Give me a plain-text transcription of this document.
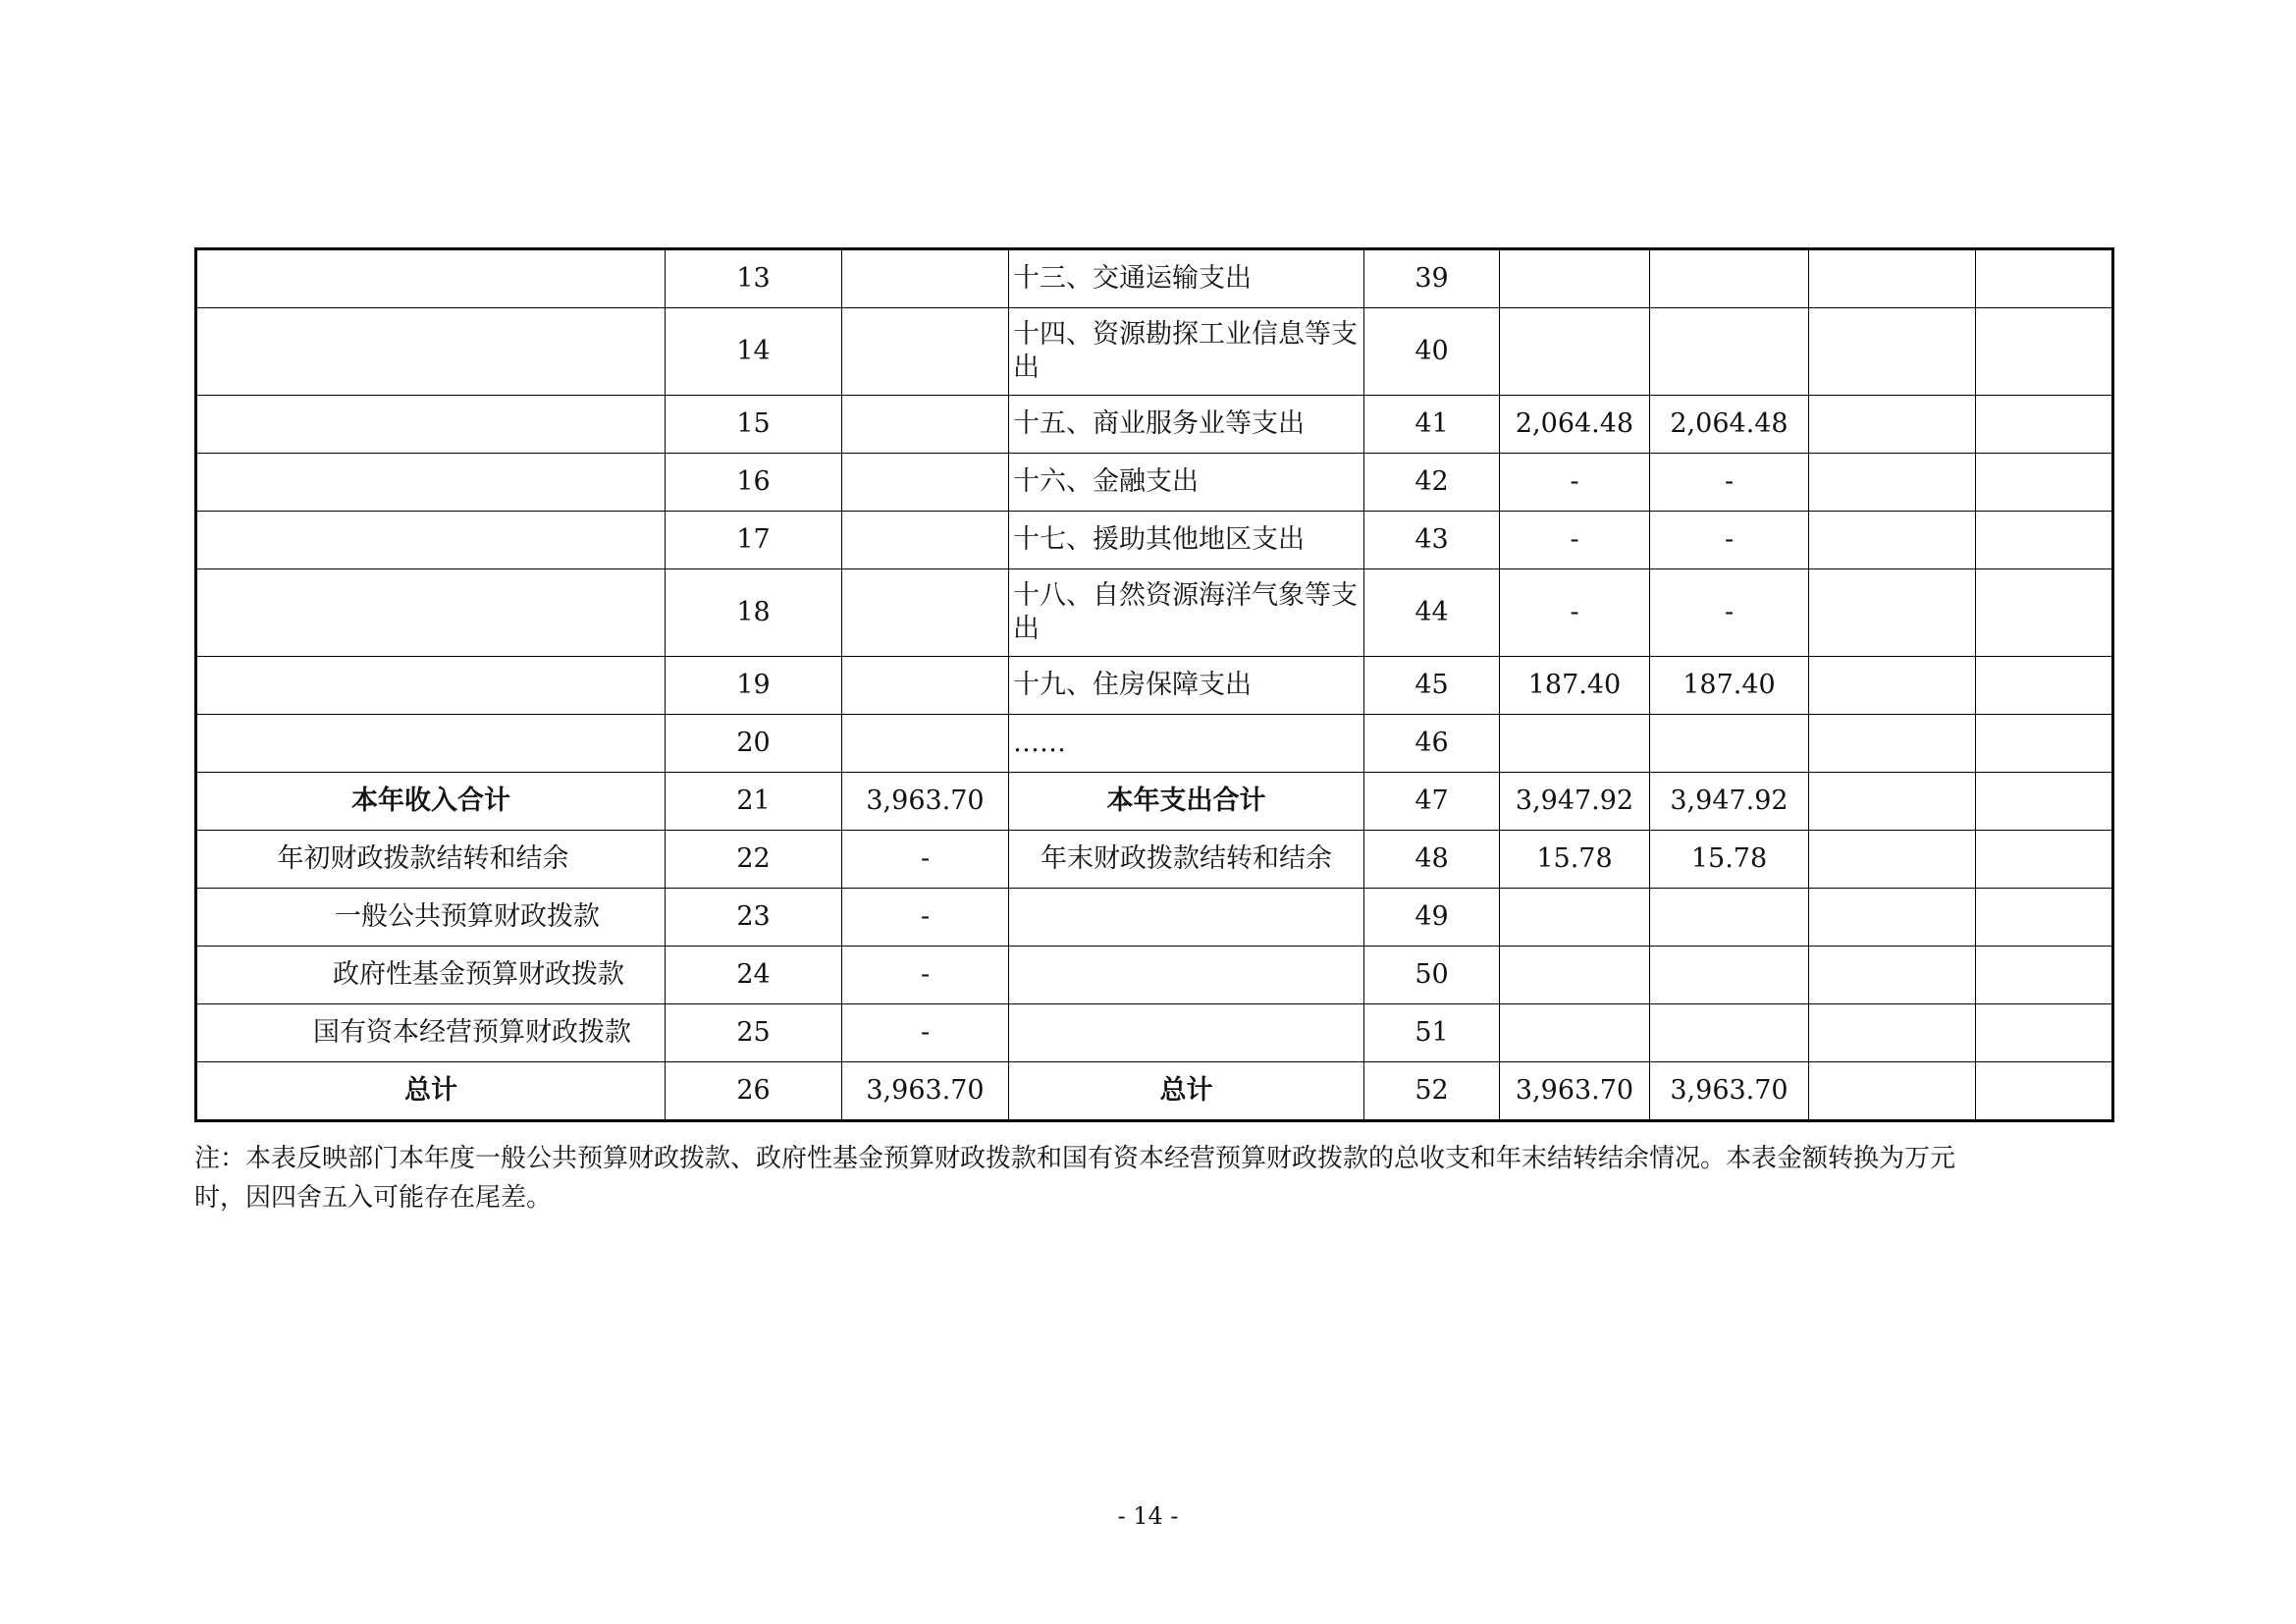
	13		十三、交通运输支出	39				
	14		十四、资源勘探工业信息等支出	40				
	15		十五、商业服务业等支出	41	2,064.48	2,064.48		
	16		十六、金融支出	42	-	-		
	17		十七、援助其他地区支出	43	-	-		
	18		十八、自然资源海洋气象等支出	44	-	-		
	19		十九、住房保障支出	45	187.40	187.40		
	20		……	46				
本年收入合计	21	3,963.70	本年支出合计	47	3,947.92	3,947.92		
年初财政拨款结转和结余	22	-	年末财政拨款结转和结余	48	15.78	15.78		
一般公共预算财政拨款	23	-		49				
政府性基金预算财政拨款	24	-		50				
国有资本经营预算财政拨款	25	-		51				
总计	26	3,963.70	总计	52	3,963.70	3,963.70		

注：本表反映部门本年度一般公共预算财政拨款、政府性基金预算财政拨款和国有资本经营预算财政拨款的总收支和年末结转结余情况。本表金额转换为万元时，因四舍五入可能存在尾差。

- 14 -
